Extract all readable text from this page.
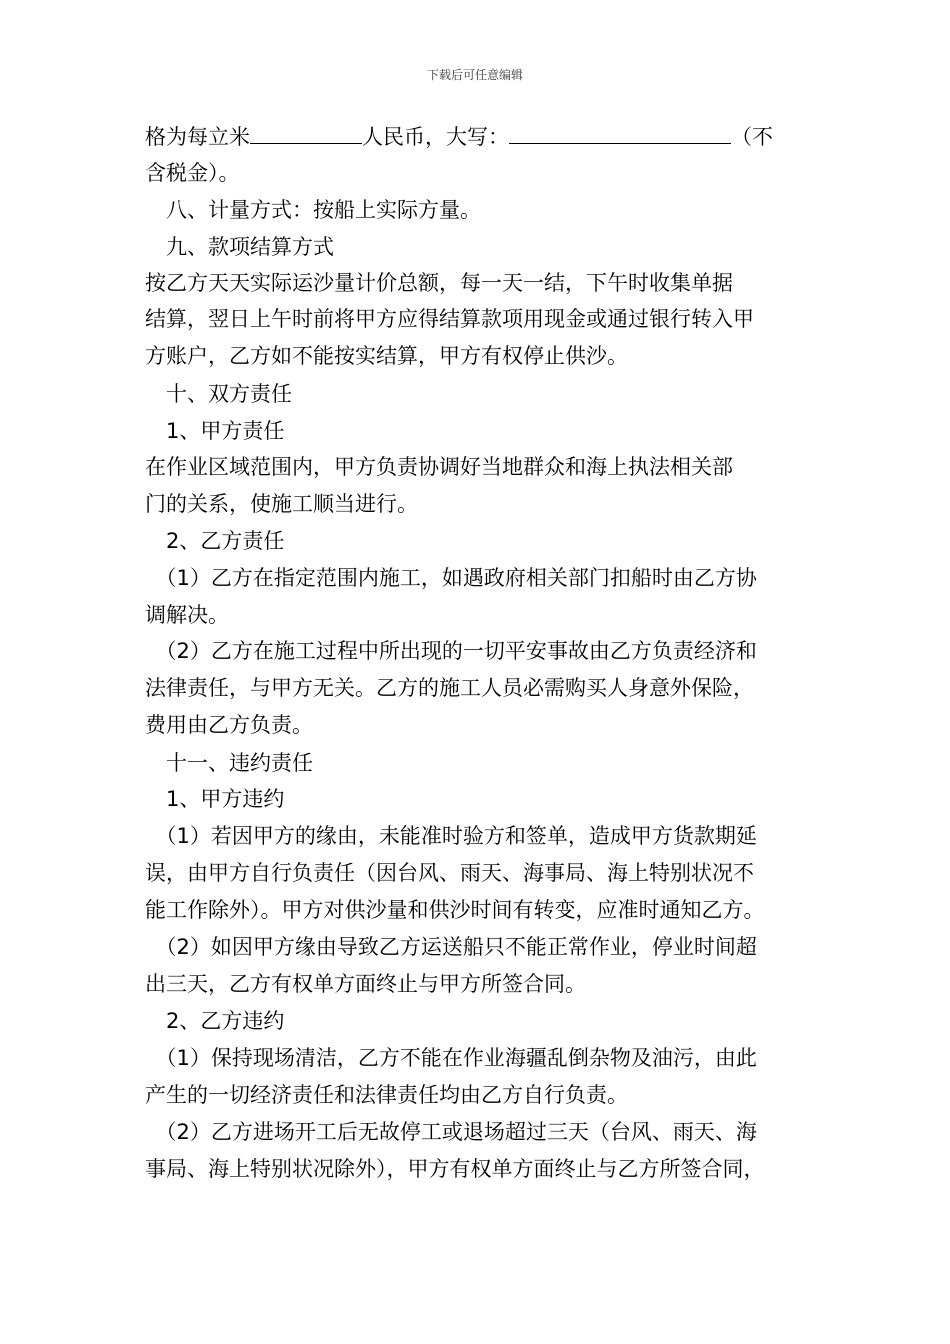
下载后可任意编辑
格为每立米	人民币，大写：	（不
含税金）。
　八、计量方式：按船上实际方量。
　九、款项结算方式
按乙方天天实际运沙量计价总额，每一天一结，下午时收集单据
结算，翌日上午时前将甲方应得结算款项用现金或通过银行转入甲
方账户，乙方如不能按实结算，甲方有权停止供沙。
　十、双方责任
　1、甲方责任
在作业区域范围内，甲方负责协调好当地群众和海上执法相关部
门的关系，使施工顺当进行。
　2、乙方责任
　（1）乙方在指定范围内施工，如遇政府相关部门扣船时由乙方协
调解决。
　（2）乙方在施工过程中所出现的一切平安事故由乙方负责经济和
法律责任，与甲方无关。乙方的施工人员必需购买人身意外保险，
费用由乙方负责。
　十一、违约责任
　1、甲方违约
　（1）若因甲方的缘由，未能准时验方和签单，造成甲方货款期延
误，由甲方自行负责任（因台风、雨天、海事局、海上特别状况不
能工作除外）。甲方对供沙量和供沙时间有转变，应准时通知乙方。
　（2）如因甲方缘由导致乙方运送船只不能正常作业，停业时间超
出三天，乙方有权单方面终止与甲方所签合同。
　2、乙方违约
　（1）保持现场清洁，乙方不能在作业海疆乱倒杂物及油污，由此
产生的一切经济责任和法律责任均由乙方自行负责。
　（2）乙方进场开工后无故停工或退场超过三天（台风、雨天、海
事局、海上特别状况除外），甲方有权单方面终止与乙方所签合同，
